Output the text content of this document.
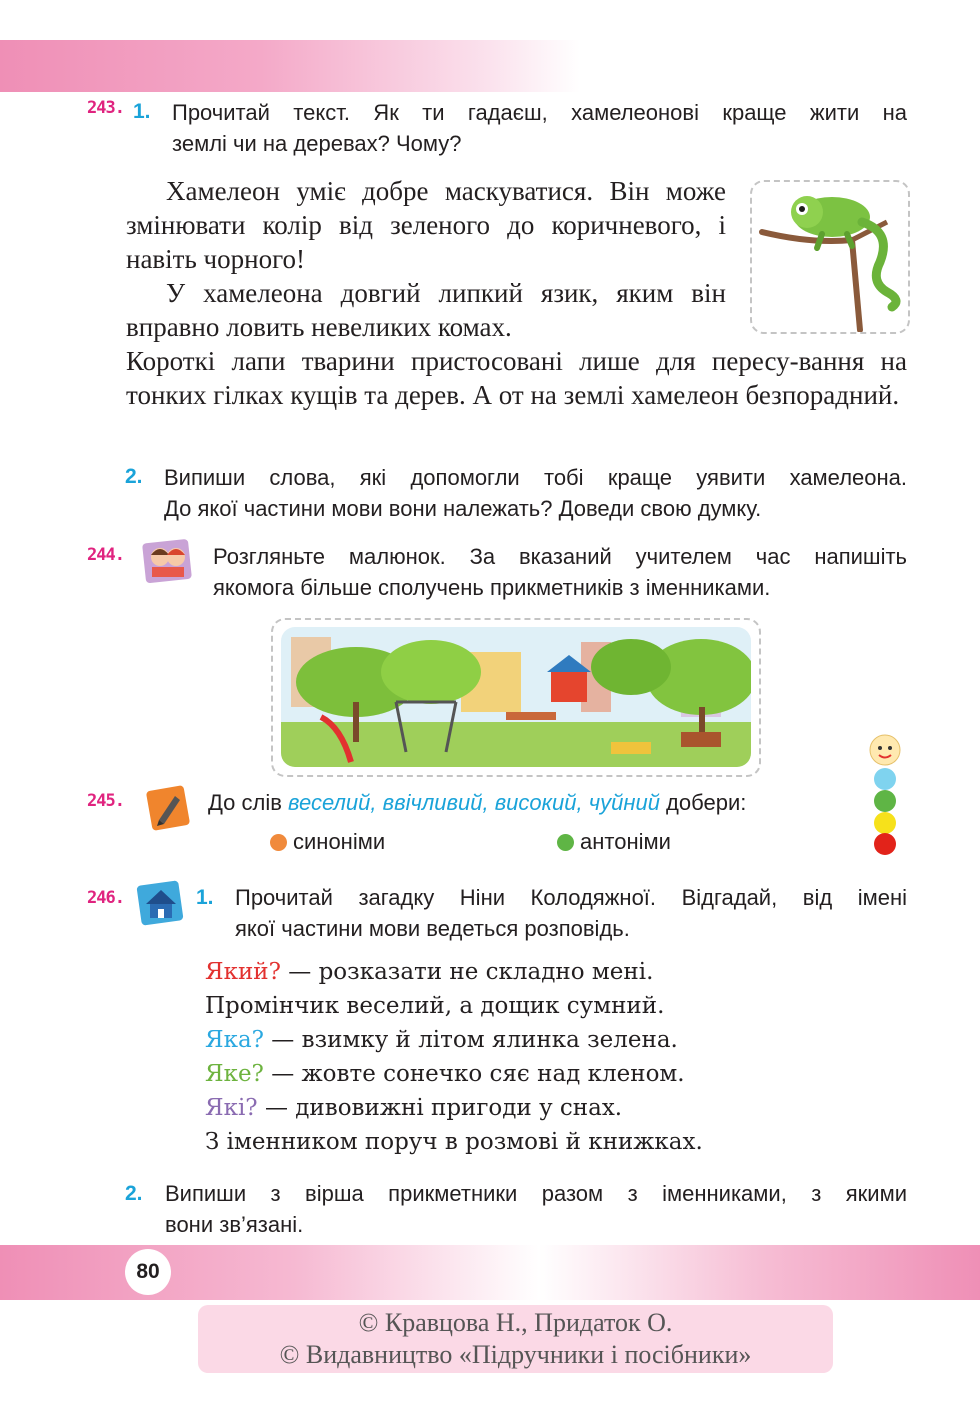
243. 1. Прочитай текст. Як ти гадаєш, хамелеонові краще жити на
землі чи на деревах? Чому?

Хамелеон уміє добре маскуватися. Він може змінювати колір від зеленого до коричневого, і навіть чорного!

У хамелеона довгий липкий язик, яким він вправно ловить невеликих комах.

Короткі лапи тварини пристосовані лише для пересу-вання на тонких гілках кущів та дерев. А от на землі хамелеон безпорадний.
2. Випиши слова, які допомогли тобі краще уявити хамелеона.
До якої частини мови вони належать? Доведи свою думку.
244.	Розгляньте малюнок. За вказаний учителем час напишіть
якомога більше сполучень прикметників з іменниками.
245.	До слів веселий, ввічливий, високий, чуйний добери:
синоніми	антоніми
246.	1. Прочитай загадку Ніни Колодяжної. Відгадай, від імені
якої частини мови ведеться розповідь.
Який? — розказати не складно мені.
Промінчик веселий, а дощик сумний.
Яка? — взимку й літом ялинка зелена.
Яке? — жовте сонечко сяє над кленом.
Які? — дивовижні пригоди у снах.
З іменником поруч в розмові й книжках.
2. Випиши з вірша прикметники разом з іменниками, з якими
вони зв’язані.
80
© Кравцова Н., Придаток О.
© Видавництво «Підручники і посібники»
